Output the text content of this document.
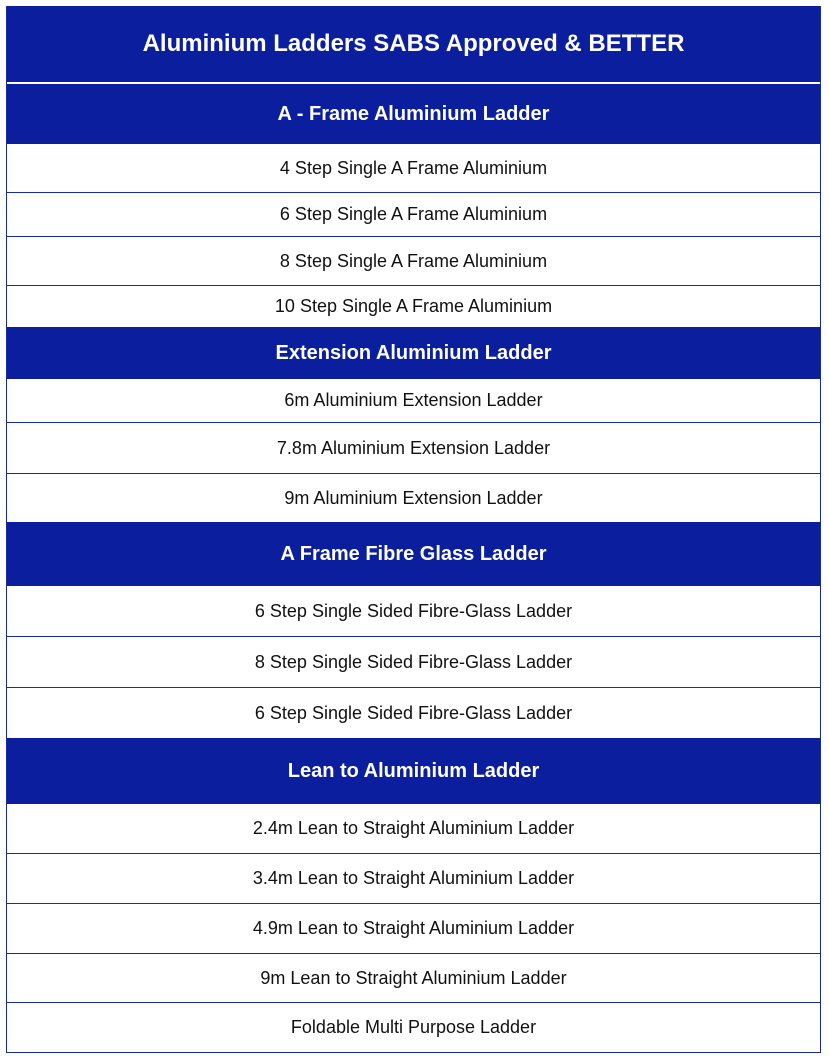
Aluminium Ladders SABS Approved & BETTER
A - Frame Aluminium Ladder
4 Step Single A Frame Aluminium
6 Step Single A Frame Aluminium
8 Step Single A Frame Aluminium
10 Step Single A Frame Aluminium
Extension Aluminium Ladder
6m Aluminium Extension Ladder
7.8m Aluminium Extension Ladder
9m Aluminium Extension Ladder
A Frame Fibre Glass Ladder
6 Step Single Sided Fibre-Glass Ladder
8 Step Single Sided Fibre-Glass Ladder
6 Step Single Sided Fibre-Glass Ladder
Lean to Aluminium Ladder
2.4m Lean to Straight Aluminium Ladder
3.4m Lean to Straight Aluminium Ladder
4.9m Lean to Straight Aluminium Ladder
9m Lean to Straight Aluminium Ladder
Foldable Multi Purpose Ladder
